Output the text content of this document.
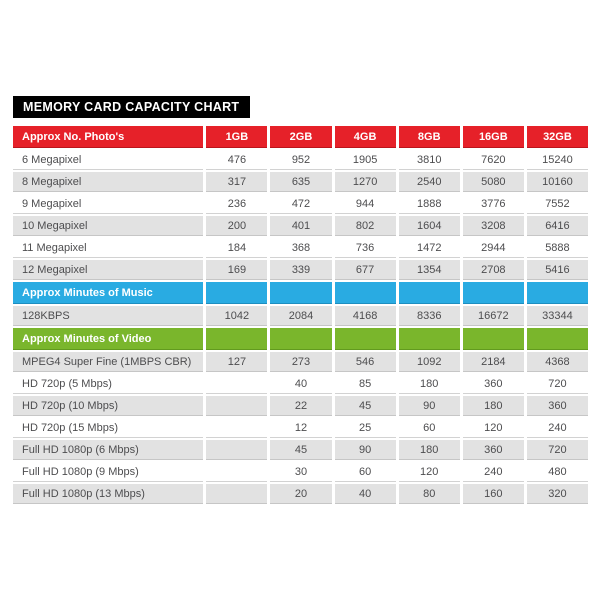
MEMORY CARD CAPACITY CHART
Approx No. Photo's	1GB	2GB	4GB	8GB	16GB	32GB
6 Megapixel	476	952	1905	3810	7620	15240
8 Megapixel	317	635	1270	2540	5080	10160
9 Megapixel	236	472	944	1888	3776	7552
10 Megapixel	200	401	802	1604	3208	6416
11 Megapixel	184	368	736	1472	2944	5888
12 Megapixel	169	339	677	1354	2708	5416
Approx Minutes of Music						
128KBPS	1042	2084	4168	8336	16672	33344
Approx Minutes of Video						
MPEG4 Super Fine (1MBPS CBR)	127	273	546	1092	2184	4368
HD 720p (5 Mbps)		40	85	180	360	720
HD 720p (10 Mbps)		22	45	90	180	360
HD 720p (15 Mbps)		12	25	60	120	240
Full HD 1080p (6 Mbps)		45	90	180	360	720
Full HD 1080p (9 Mbps)		30	60	120	240	480
Full HD 1080p (13 Mbps)		20	40	80	160	320
